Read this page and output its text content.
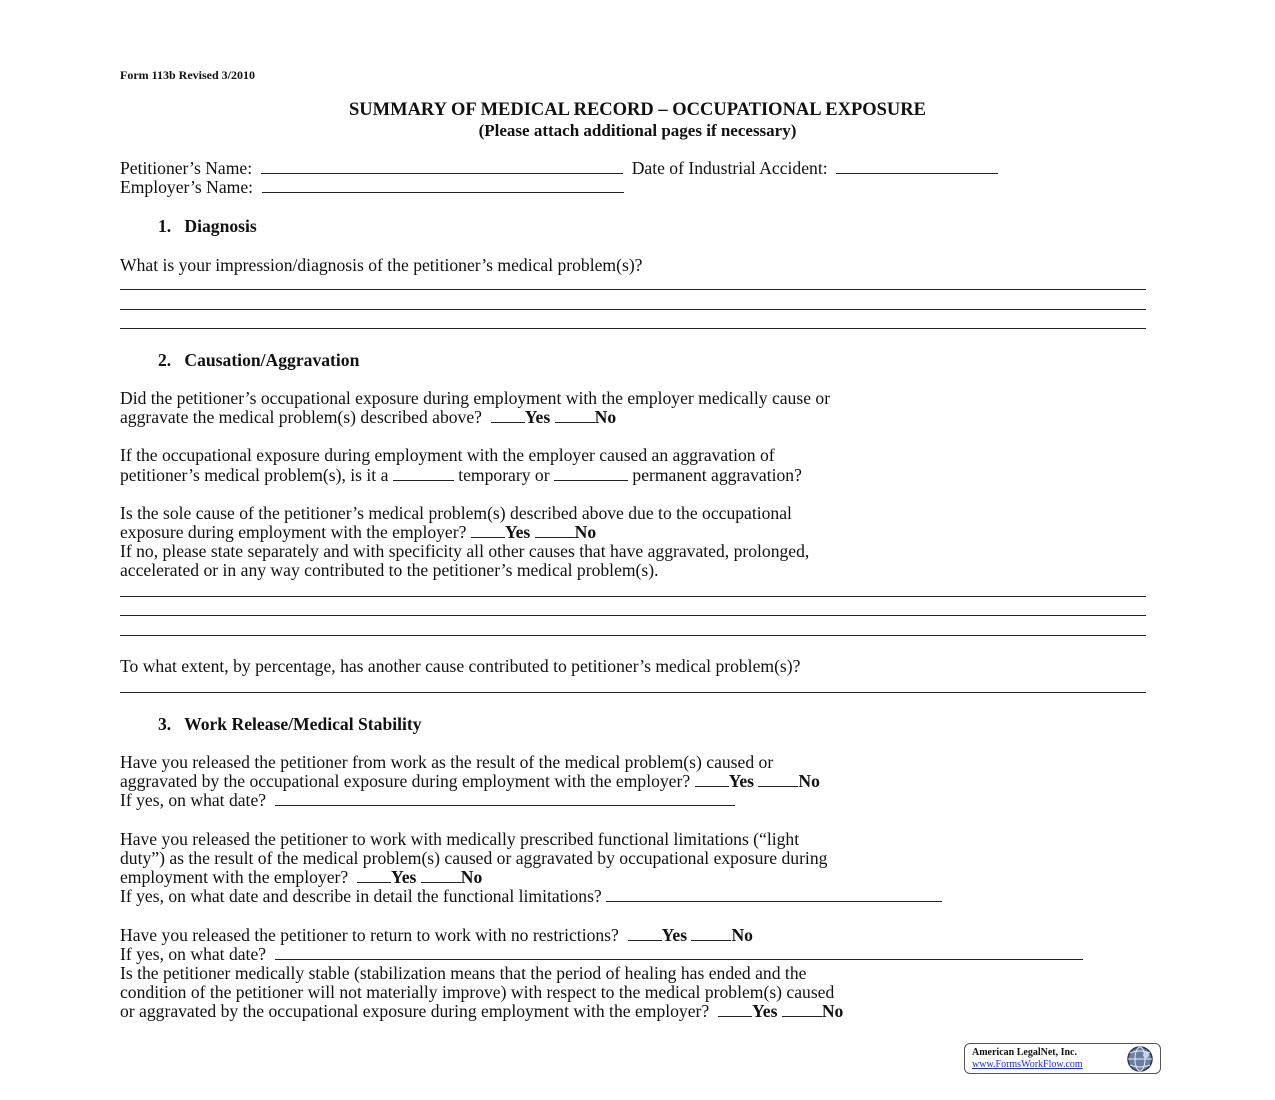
Form 113b Revised 3/2010
SUMMARY OF MEDICAL RECORD – OCCUPATIONAL EXPOSURE
(Please attach additional pages if necessary)
Petitioner’s Name:	Date of Industrial Accident:
Employer’s Name:
1.   Diagnosis
What is your impression/diagnosis of the petitioner’s medical problem(s)?
2.   Causation/Aggravation
Did the petitioner’s occupational exposure during employment with the employer medically cause or
aggravate the medical problem(s) described above? Yes	No
If the occupational exposure during employment with the employer caused an aggravation of
petitioner’s medical problem(s), is it a	temporary or	permanent aggravation?
Is the sole cause of the petitioner’s medical problem(s) described above due to the occupational
exposure during employment with the employer? Yes	No
If no, please state separately and with specificity all other causes that have aggravated, prolonged,
accelerated or in any way contributed to the petitioner’s medical problem(s).
To what extent, by percentage, has another cause contributed to petitioner’s medical problem(s)?
3.   Work Release/Medical Stability
Have you released the petitioner from work as the result of the medical problem(s) caused or
aggravated by the occupational exposure during employment with the employer? Yes	No
If yes, on what date?
Have you released the petitioner to work with medically prescribed functional limitations (“light
duty”) as the result of the medical problem(s) caused or aggravated by occupational exposure during
employment with the employer? Yes	No
If yes, on what date and describe in detail the functional limitations?
Have you released the petitioner to return to work with no restrictions? Yes	No
If yes, on what date?
Is the petitioner medically stable (stabilization means that the period of healing has ended and the
condition of the petitioner will not materially improve) with respect to the medical problem(s) caused
or aggravated by the occupational exposure during employment with the employer? Yes	No
American LegalNet, Inc.
www.FormsWorkFlow.com
